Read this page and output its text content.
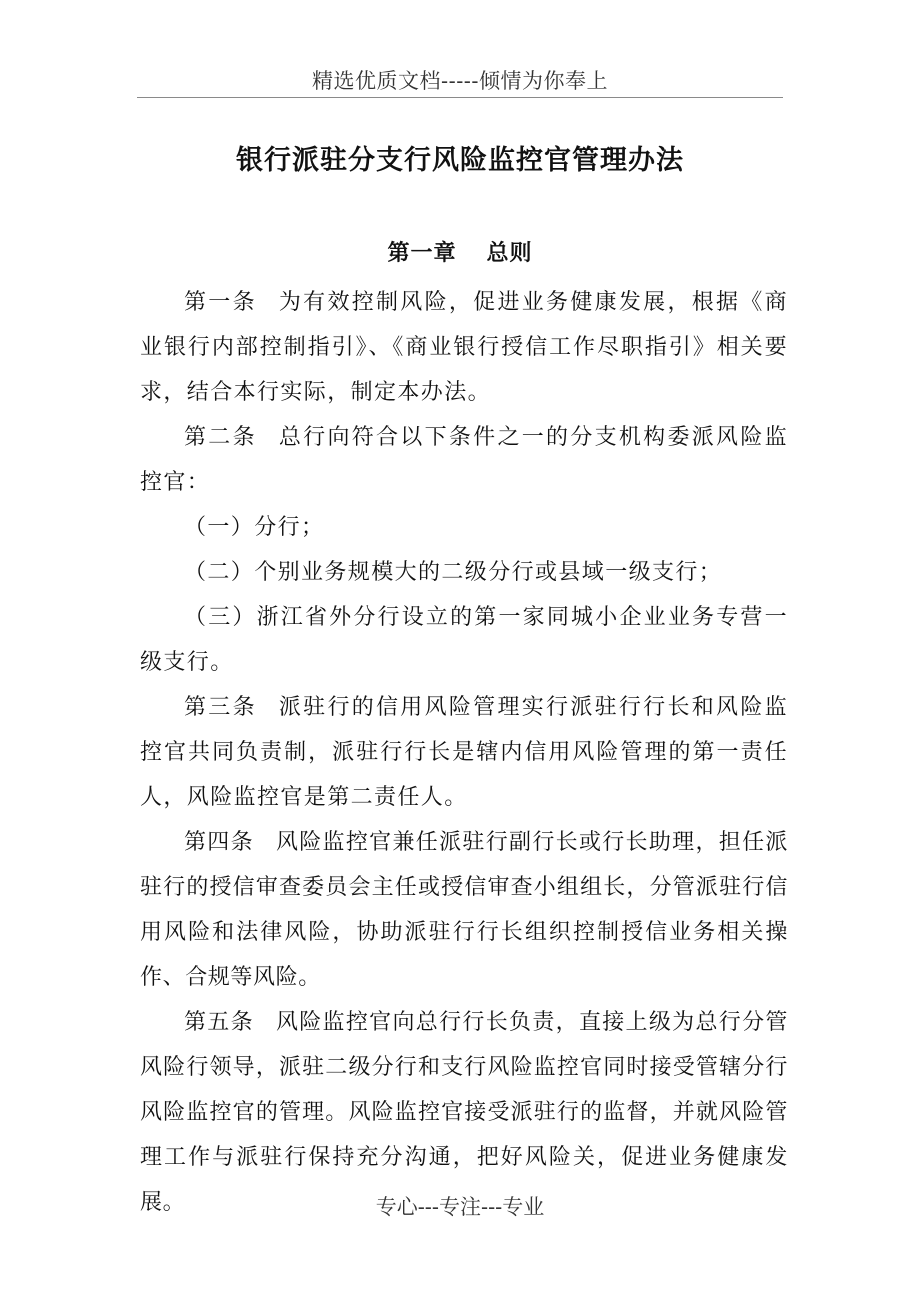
精选优质文档-----倾情为你奉上
银行派驻分支行风险监控官管理办法
第一章 总则

第一条 为有效控制风险，促进业务健康发展，根据《商业银行内部控制指引》、《商业银行授信工作尽职指引》相关要求，结合本行实际，制定本办法。

第二条 总行向符合以下条件之一的分支机构委派风险监控官：

（一）分行；

（二）个别业务规模大的二级分行或县域一级支行；

（三）浙江省外分行设立的第一家同城小企业业务专营一级支行。

第三条 派驻行的信用风险管理实行派驻行行长和风险监控官共同负责制，派驻行行长是辖内信用风险管理的第一责任人，风险监控官是第二责任人。

第四条 风险监控官兼任派驻行副行长或行长助理，担任派驻行的授信审查委员会主任或授信审查小组组长，分管派驻行信用风险和法律风险，协助派驻行行长组织控制授信业务相关操作、合规等风险。

第五条 风险监控官向总行行长负责，直接上级为总行分管风险行领导，派驻二级分行和支行风险监控官同时接受管辖分行风险监控官的管理。风险监控官接受派驻行的监督，并就风险管理工作与派驻行保持充分沟通，把好风险关，促进业务健康发展。	专心---专注---专业
